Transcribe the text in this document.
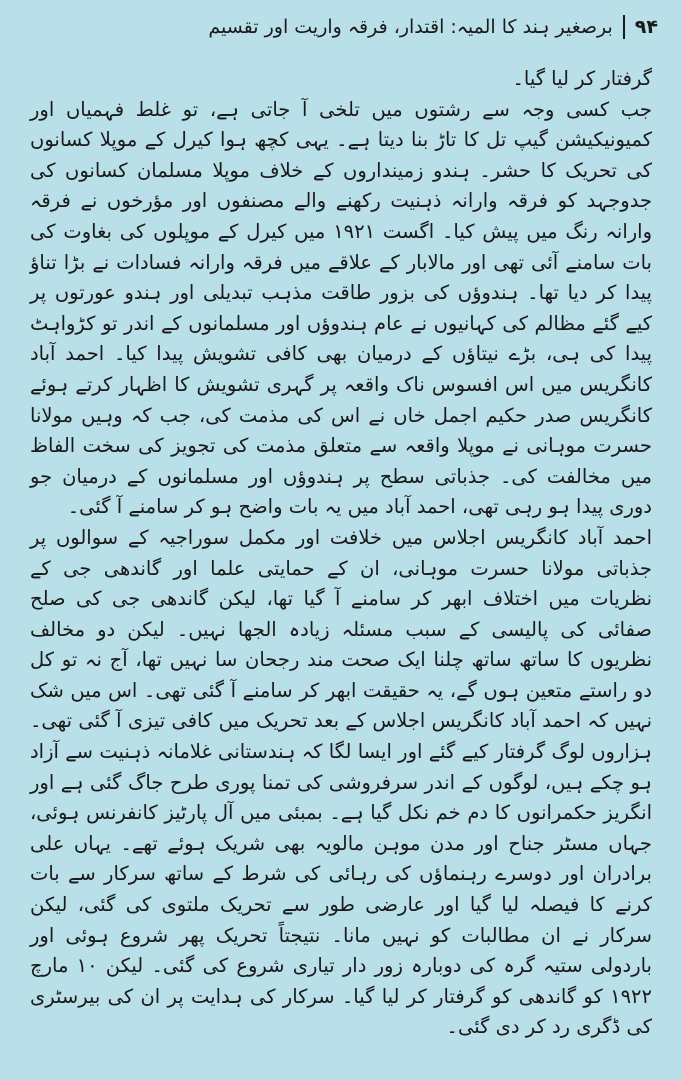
۹۴
برصغیر ہند کا المیہ: اقتدار، فرقہ واریت اور تقسیم

گرفتار کر لیا گیا۔

جب کسی وجہ سے رشتوں میں تلخی آ جاتی ہے، تو غلط فہمیاں اور کمیونیکیشن گیپ تل کا تاڑ بنا دیتا ہے۔ یہی کچھ ہوا کیرل کے موپلا کسانوں کی تحریک کا حشر۔ ہندو زمینداروں کے خلاف موپلا مسلمان کسانوں کی جدوجہد کو فرقہ وارانہ ذہنیت رکھنے والے مصنفوں اور مؤرخوں نے فرقہ وارانہ رنگ میں پیش کیا۔ اگست ۱۹۲۱ میں کیرل کے موپلوں کی بغاوت کی بات سامنے آئی تھی اور مالابار کے علاقے میں فرقہ وارانہ فسادات نے بڑا تناؤ پیدا کر دیا تھا۔ ہندوؤں کی بزور طاقت مذہب تبدیلی اور ہندو عورتوں پر کیے گئے مظالم کی کہانیوں نے عام ہندوؤں اور مسلمانوں کے اندر تو کڑواہٹ پیدا کی ہی، بڑے نیتاؤں کے درمیان بھی کافی تشویش پیدا کیا۔ احمد آباد کانگریس میں اس افسوس ناک واقعہ پر گہری تشویش کا اظہار کرتے ہوئے کانگریس صدر حکیم اجمل خاں نے اس کی مذمت کی، جب کہ وہیں مولانا حسرت موہانی نے موپلا واقعہ سے متعلق مذمت کی تجویز کی سخت الفاظ میں مخالفت کی۔ جذباتی سطح پر ہندوؤں اور مسلمانوں کے درمیان جو دوری پیدا ہو رہی تھی، احمد آباد میں یہ بات واضح ہو کر سامنے آ گئی۔

احمد آباد کانگریس اجلاس میں خلافت اور مکمل سوراجیہ کے سوالوں پر جذباتی مولانا حسرت موہانی، ان کے حمایتی علما اور گاندھی جی کے نظریات میں اختلاف ابھر کر سامنے آ گیا تھا، لیکن گاندھی جی کی صلح صفائی کی پالیسی کے سبب مسئلہ زیادہ الجھا نہیں۔ لیکن دو مخالف نظریوں کا ساتھ ساتھ چلنا ایک صحت مند رجحان سا نہیں تھا، آج نہ تو کل دو راستے متعین ہوں گے، یہ حقیقت ابھر کر سامنے آ گئی تھی۔ اس میں شک نہیں کہ احمد آباد کانگریس اجلاس کے بعد تحریک میں کافی تیزی آ گئی تھی۔ ہزاروں لوگ گرفتار کیے گئے اور ایسا لگا کہ ہندستانی غلامانہ ذہنیت سے آزاد ہو چکے ہیں، لوگوں کے اندر سرفروشی کی تمنا پوری طرح جاگ گئی ہے اور انگریز حکمرانوں کا دم خم نکل گیا ہے۔ بمبئی میں آل پارٹیز کانفرنس ہوئی، جہاں مسٹر جناح اور مدن موہن مالویہ بھی شریک ہوئے تھے۔ یہاں علی برادران اور دوسرے رہنماؤں کی رہائی کی شرط کے ساتھ سرکار سے بات کرنے کا فیصلہ لیا گیا اور عارضی طور سے تحریک ملتوی کی گئی، لیکن سرکار نے ان مطالبات کو نہیں مانا۔ نتیجتاً تحریک پھر شروع ہوئی اور باردولی ستیہ گرہ کی دوبارہ زور دار تیاری شروع کی گئی۔ لیکن ۱۰ مارچ ۱۹۲۲ کو گاندھی کو گرفتار کر لیا گیا۔ سرکار کی ہدایت پر ان کی بیرسٹری کی ڈگری رد کر دی گئی۔
